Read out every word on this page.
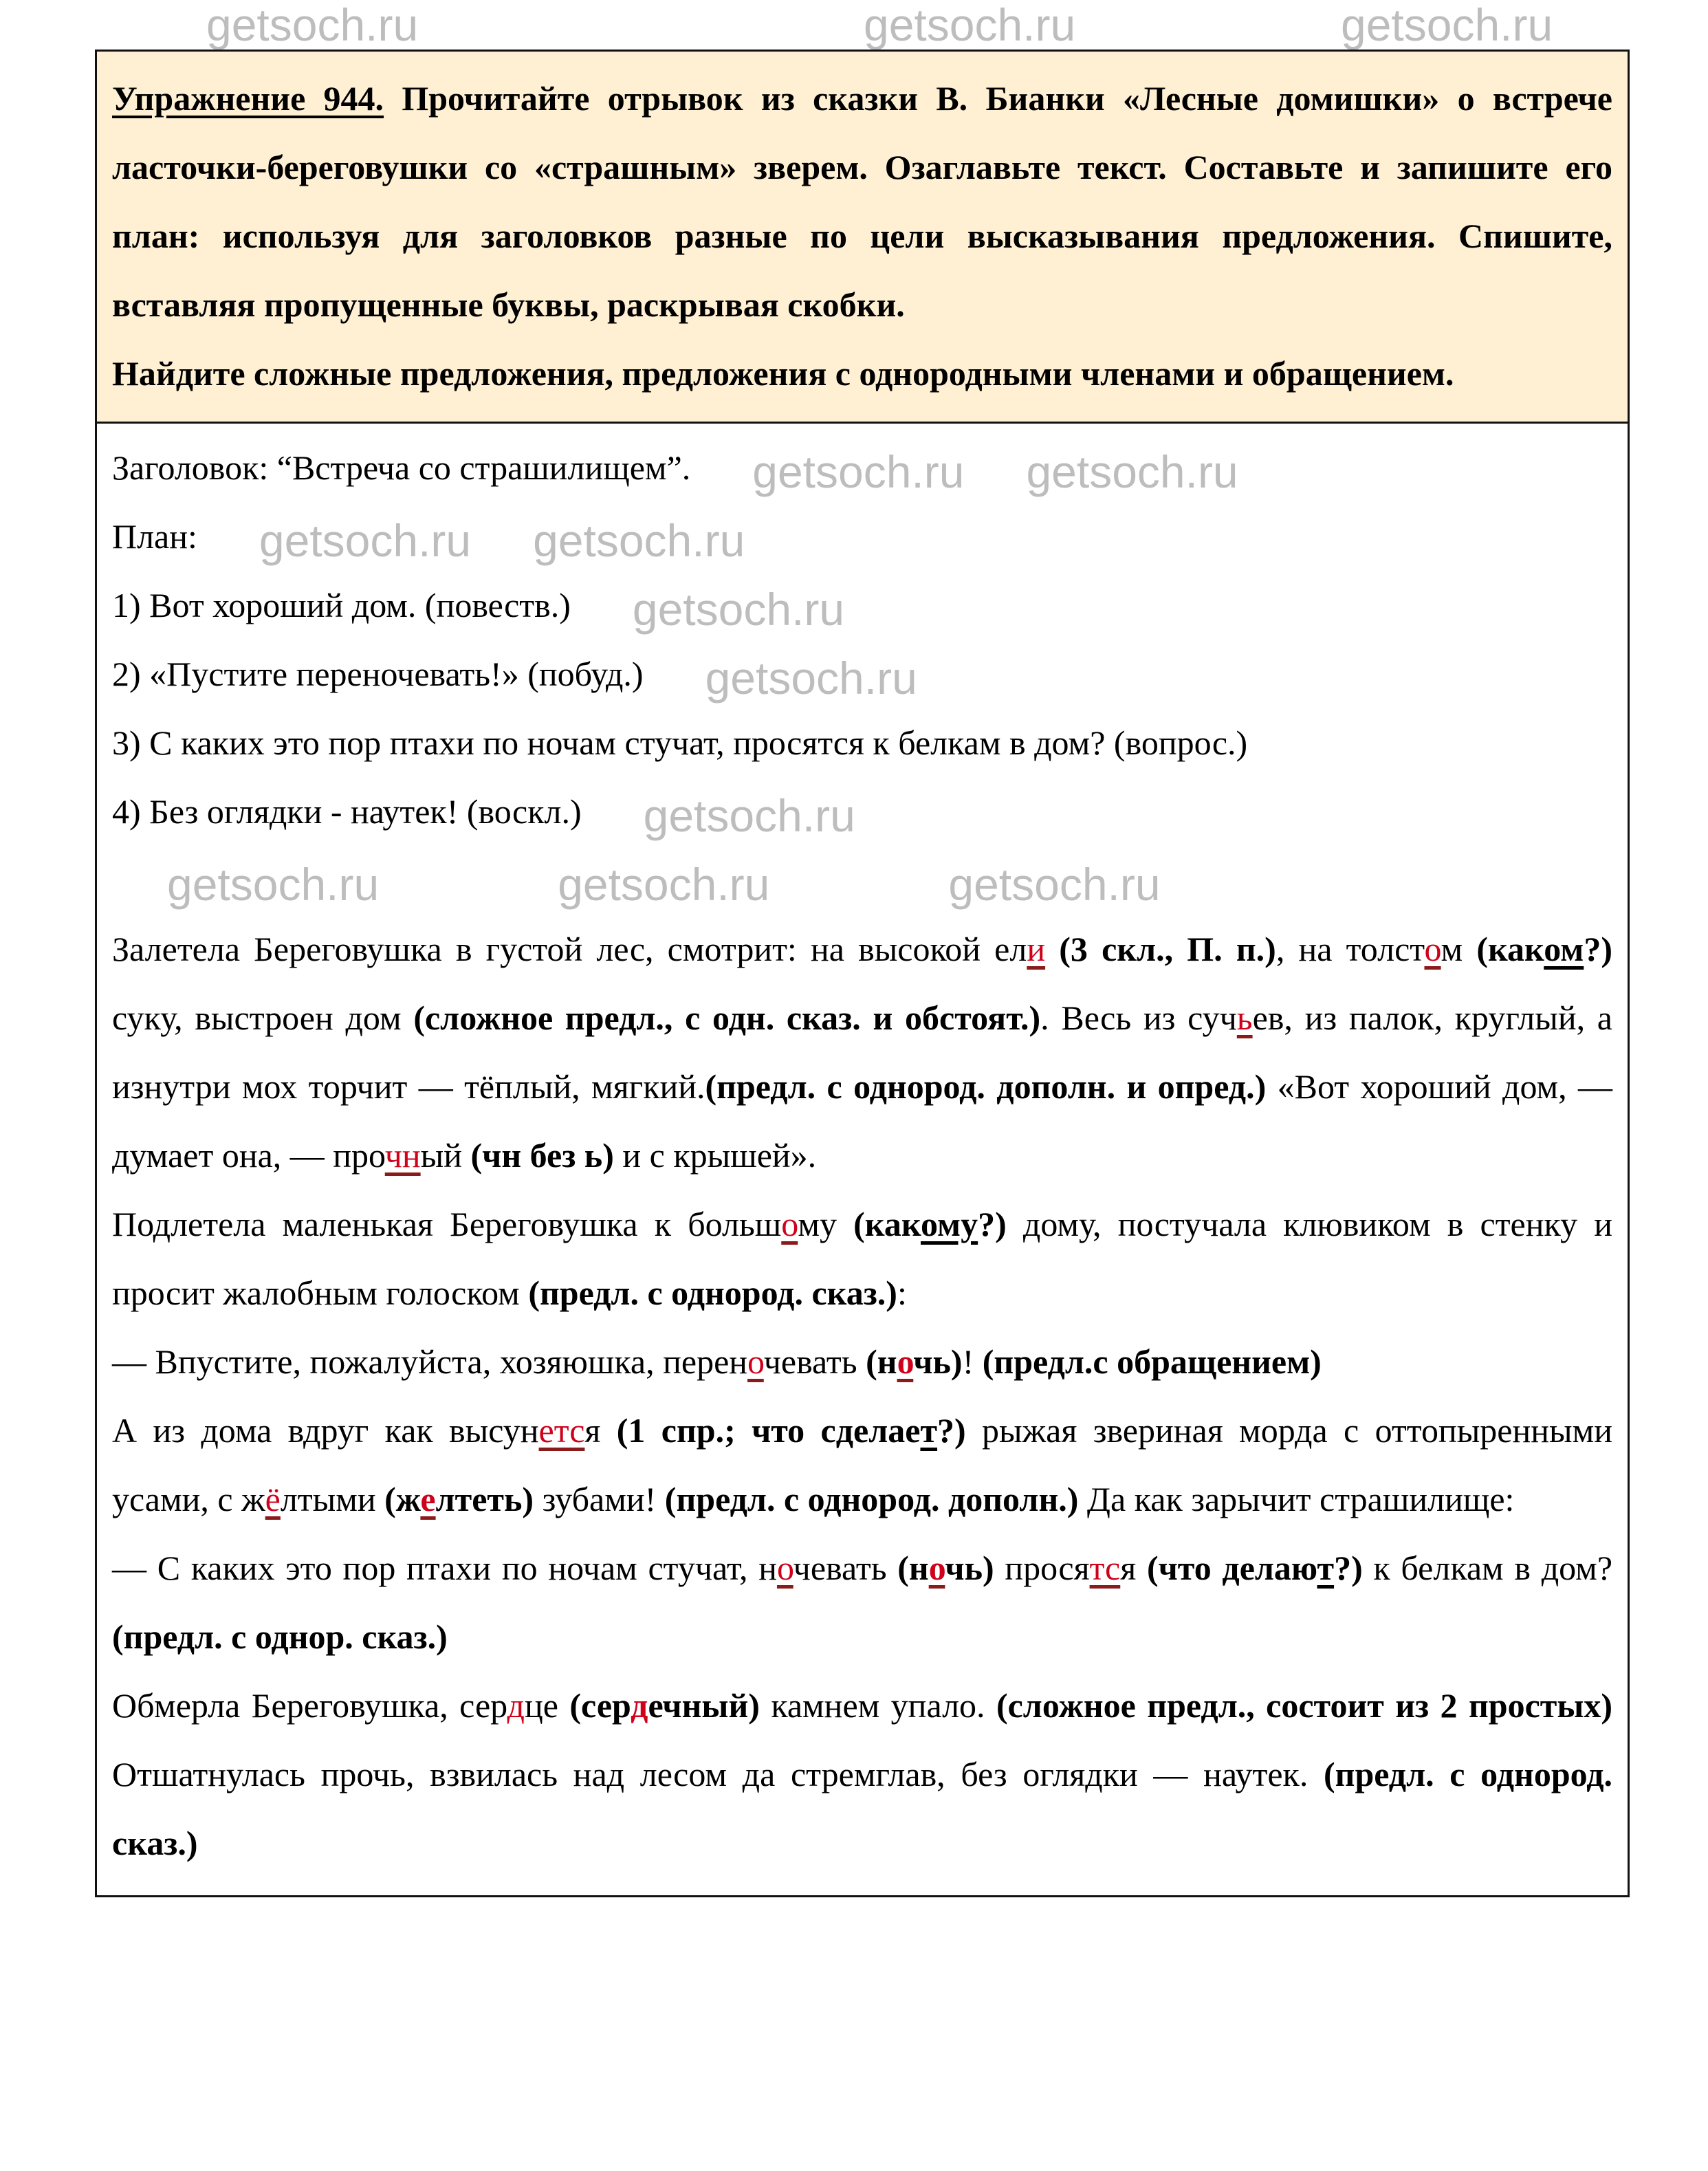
getsoch.ru	getsoch.ru	getsoch.ru

Упражнение 944. Прочитайте отрывок из сказки В. Бианки «Лесные домишки» о встрече ласточки-береговушки со «страшным» зверем. Озаглавьте текст. Составьте и запишите его план: используя для заголовков разные по цели высказывания предложения. Спишите, вставляя пропущенные буквы, раскрывая скобки.

Найдите сложные предложения, предложения с однородными членами и обращением.

Заголовок: “Встреча со страшилищем”. getsoch.ru getsoch.ru

План: getsoch.ru getsoch.ru

1) Вот хороший дом. (повеств.) getsoch.ru

2) «Пустите переночевать!» (побуд.) getsoch.ru

3) С каких это пор птахи по ночам стучат, просятся к белкам в дом? (вопрос.)

4) Без оглядки - наутек! (воскл.) getsoch.ru

getsoch.ru	getsoch.ru	getsoch.ru

Залетела Береговушка в густой лес, смотрит: на высокой ели (3 скл., П. п.), на толстом (каком?) суку, выстроен дом (сложное предл., с одн. сказ. и обстоят.). Весь из сучьев, из палок, круглый, а изнутри мох торчит — тёплый, мягкий.(предл. с однород. дополн. и опред.) «Вот хороший дом, — думает она, — прочный (чн без ь) и с крышей».

Подлетела маленькая Береговушка к большому (какому?) дому, постучала клювиком в стенку и просит жалобным голоском (предл. с однород. сказ.):

— Впустите, пожалуйста, хозяюшка, переночевать (ночь)! (предл.с обращением)

А из дома вдруг как высунется (1 спр.; что сделает?) рыжая звериная морда с оттопыренными усами, с жёлтыми (желтеть) зубами! (предл. с однород. дополн.) Да как зарычит страшилище:

— С каких это пор птахи по ночам стучат, ночевать (ночь) просятся (что делают?) к белкам в дом? (предл. с однор. сказ.)

Обмерла Береговушка, сердце (сердечный) камнем упало. (сложное предл., состоит из 2 простых) Отшатнулась прочь, взвилась над лесом да стремглав, без оглядки — наутек. (предл. с однород. сказ.)
